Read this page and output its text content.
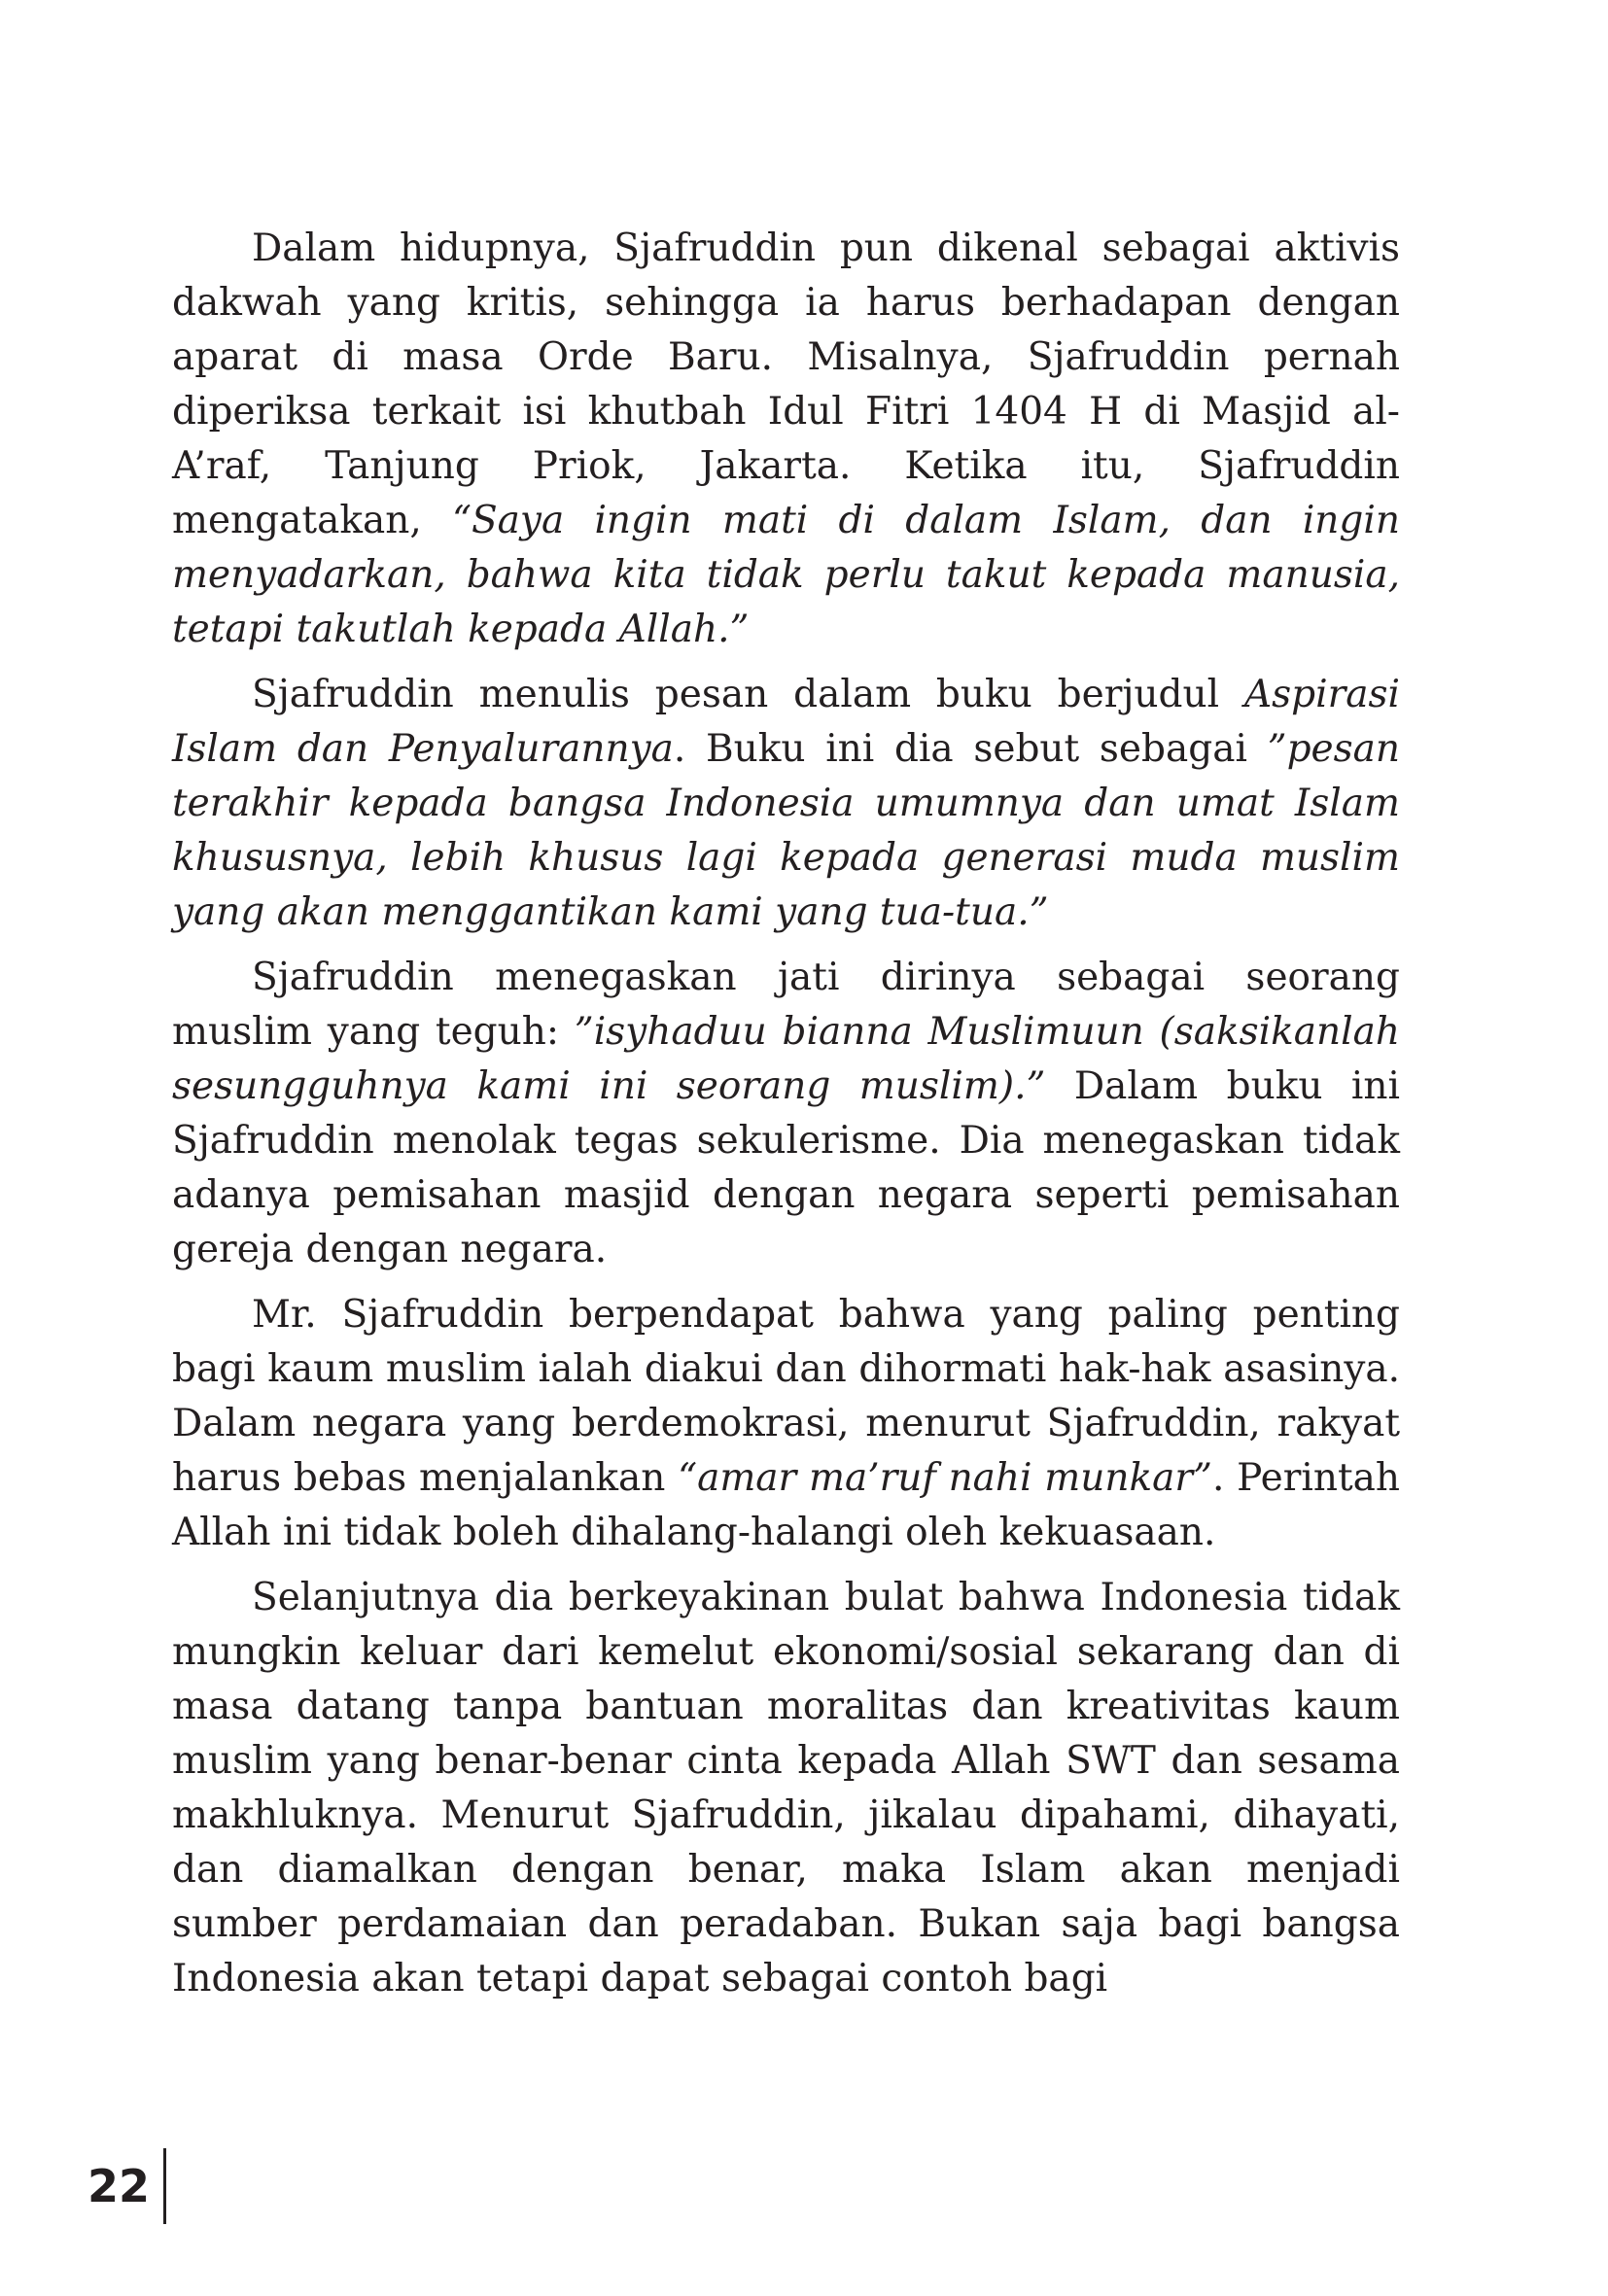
Dalam hidupnya, Sjafruddin pun dikenal sebagai aktivis dakwah yang kritis, sehingga ia harus berhadapan dengan aparat di masa Orde Baru. Misalnya, Sjafruddin pernah diperiksa terkait isi khutbah Idul Fitri 1404 H di Masjid al-A’raf, Tanjung Priok, Jakarta. Ketika itu, Sjafruddin mengatakan, “Saya ingin mati di dalam Islam, dan ingin menyadarkan, bahwa kita tidak perlu takut kepada manusia, tetapi takutlah kepada Allah.”

Sjafruddin menulis pesan dalam buku berjudul Aspirasi Islam dan Penyalurannya. Buku ini dia sebut sebagai ”pesan terakhir kepada bangsa Indonesia umumnya dan umat Islam khususnya, lebih khusus lagi kepada generasi muda muslim yang akan menggantikan kami yang tua-tua.”

Sjafruddin menegaskan jati dirinya sebagai seorang muslim yang teguh: ”isyhaduu bianna Muslimuun (saksikanlah sesungguhnya kami ini seorang muslim).” Dalam buku ini Sjafruddin menolak tegas sekulerisme. Dia menegaskan tidak adanya pemisahan masjid dengan negara seperti pemisahan gereja dengan negara.

Mr. Sjafruddin berpendapat bahwa yang paling penting bagi kaum muslim ialah diakui dan dihormati hak-hak asasinya. Dalam negara yang berdemokrasi, menurut Sjafruddin, rakyat harus bebas menjalankan “amar ma’ruf nahi munkar”. Perintah Allah ini tidak boleh dihalang-halangi oleh kekuasaan.

Selanjutnya dia berkeyakinan bulat bahwa Indonesia tidak mungkin keluar dari kemelut ekonomi/sosial sekarang dan di masa datang tanpa bantuan moralitas dan kreativitas kaum muslim yang benar-benar cinta kepada Allah SWT dan sesama makhluknya. Menurut Sjafruddin, jikalau dipahami, dihayati, dan diamalkan dengan benar, maka Islam akan menjadi sumber perdamaian dan peradaban. Bukan saja bagi bangsa Indonesia akan tetapi dapat sebagai contoh bagi

22
